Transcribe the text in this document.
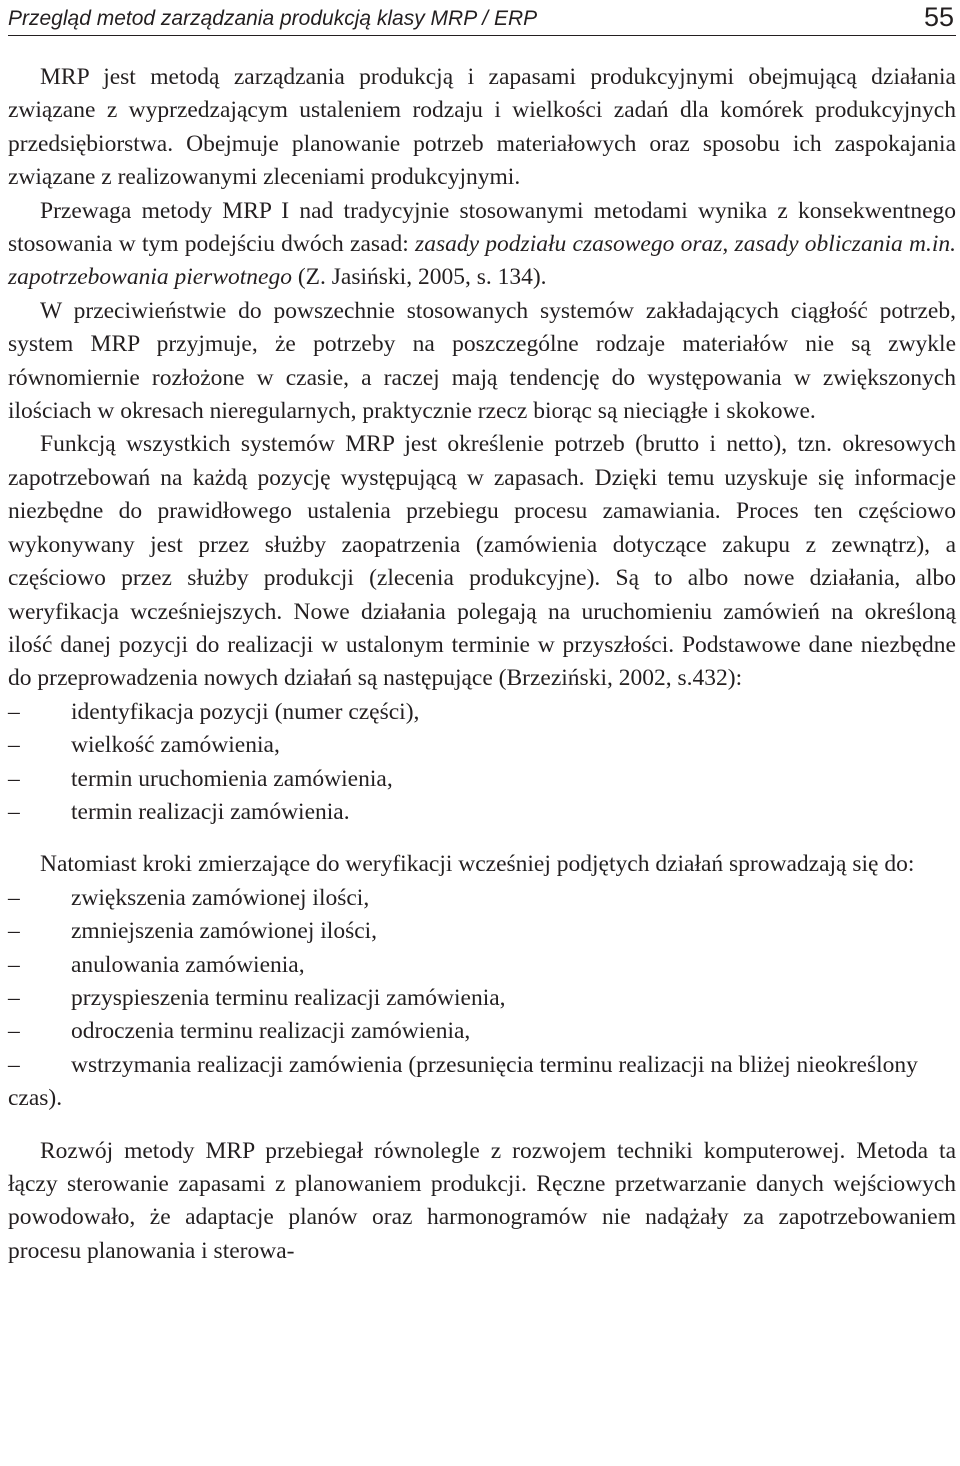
Przegląd metod zarządzania produkcją klasy MRP / ERP	55

MRP jest metodą zarządzania produkcją i zapasami produkcyjnymi obejmującą działania związane z wyprzedzającym ustaleniem rodzaju i wielkości zadań dla komórek produkcyjnych przedsiębiorstwa. Obejmuje planowanie potrzeb materiałowych oraz sposobu ich zaspokajania związane z realizowanymi zleceniami produkcyjnymi.

Przewaga metody MRP I nad tradycyjnie stosowanymi metodami wynika z konsekwentnego stosowania w tym podejściu dwóch zasad: zasady podziału czasowego oraz, zasady obliczania m.in. zapotrzebowania pierwotnego (Z. Jasiński, 2005, s. 134).

W przeciwieństwie do powszechnie stosowanych systemów zakładających ciągłość potrzeb, system MRP przyjmuje, że potrzeby na poszczególne rodzaje materiałów nie są zwykle równomiernie rozłożone w czasie, a raczej mają tendencję do występowania w zwiększonych ilościach w okresach nieregularnych, praktycznie rzecz biorąc są nieciągłe i skokowe.

Funkcją wszystkich systemów MRP jest określenie potrzeb (brutto i netto), tzn. okresowych zapotrzebowań na każdą pozycję występującą w zapasach. Dzięki temu uzyskuje się informacje niezbędne do prawidłowego ustalenia przebiegu procesu zamawiania. Proces ten częściowo wykonywany jest przez służby zaopatrzenia (zamówienia dotyczące zakupu z zewnątrz), a częściowo przez służby produkcji (zlecenia produkcyjne). Są to albo nowe działania, albo weryfikacja wcześniejszych. Nowe działania polegają na uruchomieniu zamówień na określoną ilość danej pozycji do realizacji w ustalonym terminie w przyszłości. Podstawowe dane niezbędne do przeprowadzenia nowych działań są następujące (Brzeziński, 2002, s.432):

–	identyfikacja pozycji (numer części),
–	wielkość zamówienia,
–	termin uruchomienia zamówienia,
–	termin realizacji zamówienia.

Natomiast kroki zmierzające do weryfikacji wcześniej podjętych działań sprowadzają się do:

–	zwiększenia zamówionej ilości,
–	zmniejszenia zamówionej ilości,
–	anulowania zamówienia,
–	przyspieszenia terminu realizacji zamówienia,
–	odroczenia terminu realizacji zamówienia,
– wstrzymania realizacji zamówienia (przesunięcia terminu realizacji na bliżej nieokreślony czas).

Rozwój metody MRP przebiegał równolegle z rozwojem techniki komputerowej. Metoda ta łączy sterowanie zapasami z planowaniem produkcji. Ręczne przetwarzanie danych wejściowych powodowało, że adaptacje planów oraz harmonogramów nie nadążały za zapotrzebowaniem procesu planowania i sterowa-
